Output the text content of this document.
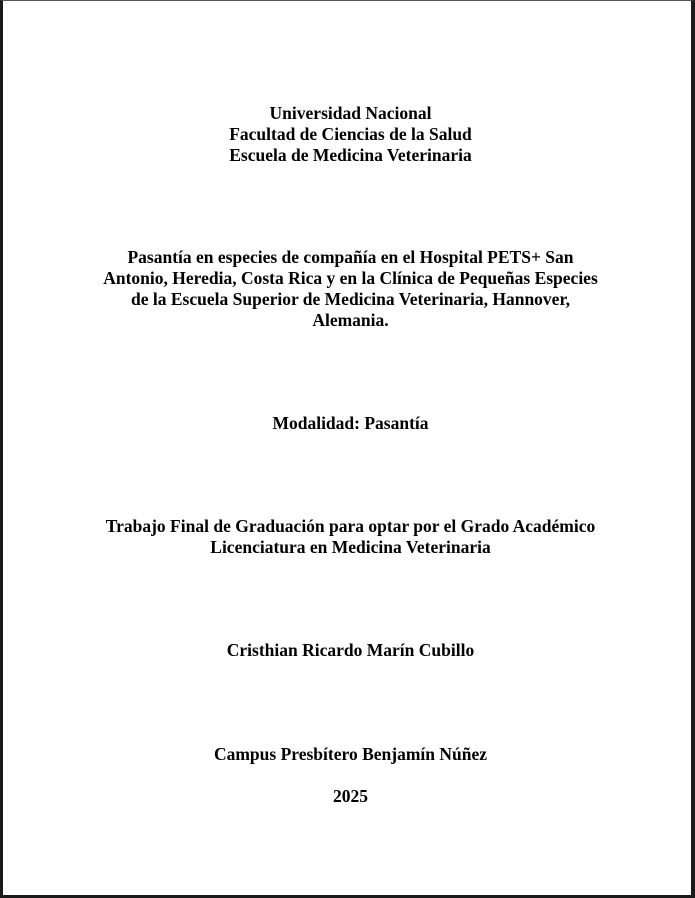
Universidad Nacional
Facultad de Ciencias de la Salud
Escuela de Medicina Veterinaria
Pasantía en especies de compañía en el Hospital PETS+ San
Antonio, Heredia, Costa Rica y en la Clínica de Pequeñas Especies
de la Escuela Superior de Medicina Veterinaria, Hannover,
Alemania.
Modalidad: Pasantía
Trabajo Final de Graduación para optar por el Grado Académico
Licenciatura en Medicina Veterinaria
Cristhian Ricardo Marín Cubillo
Campus Presbítero Benjamín Núñez
2025
